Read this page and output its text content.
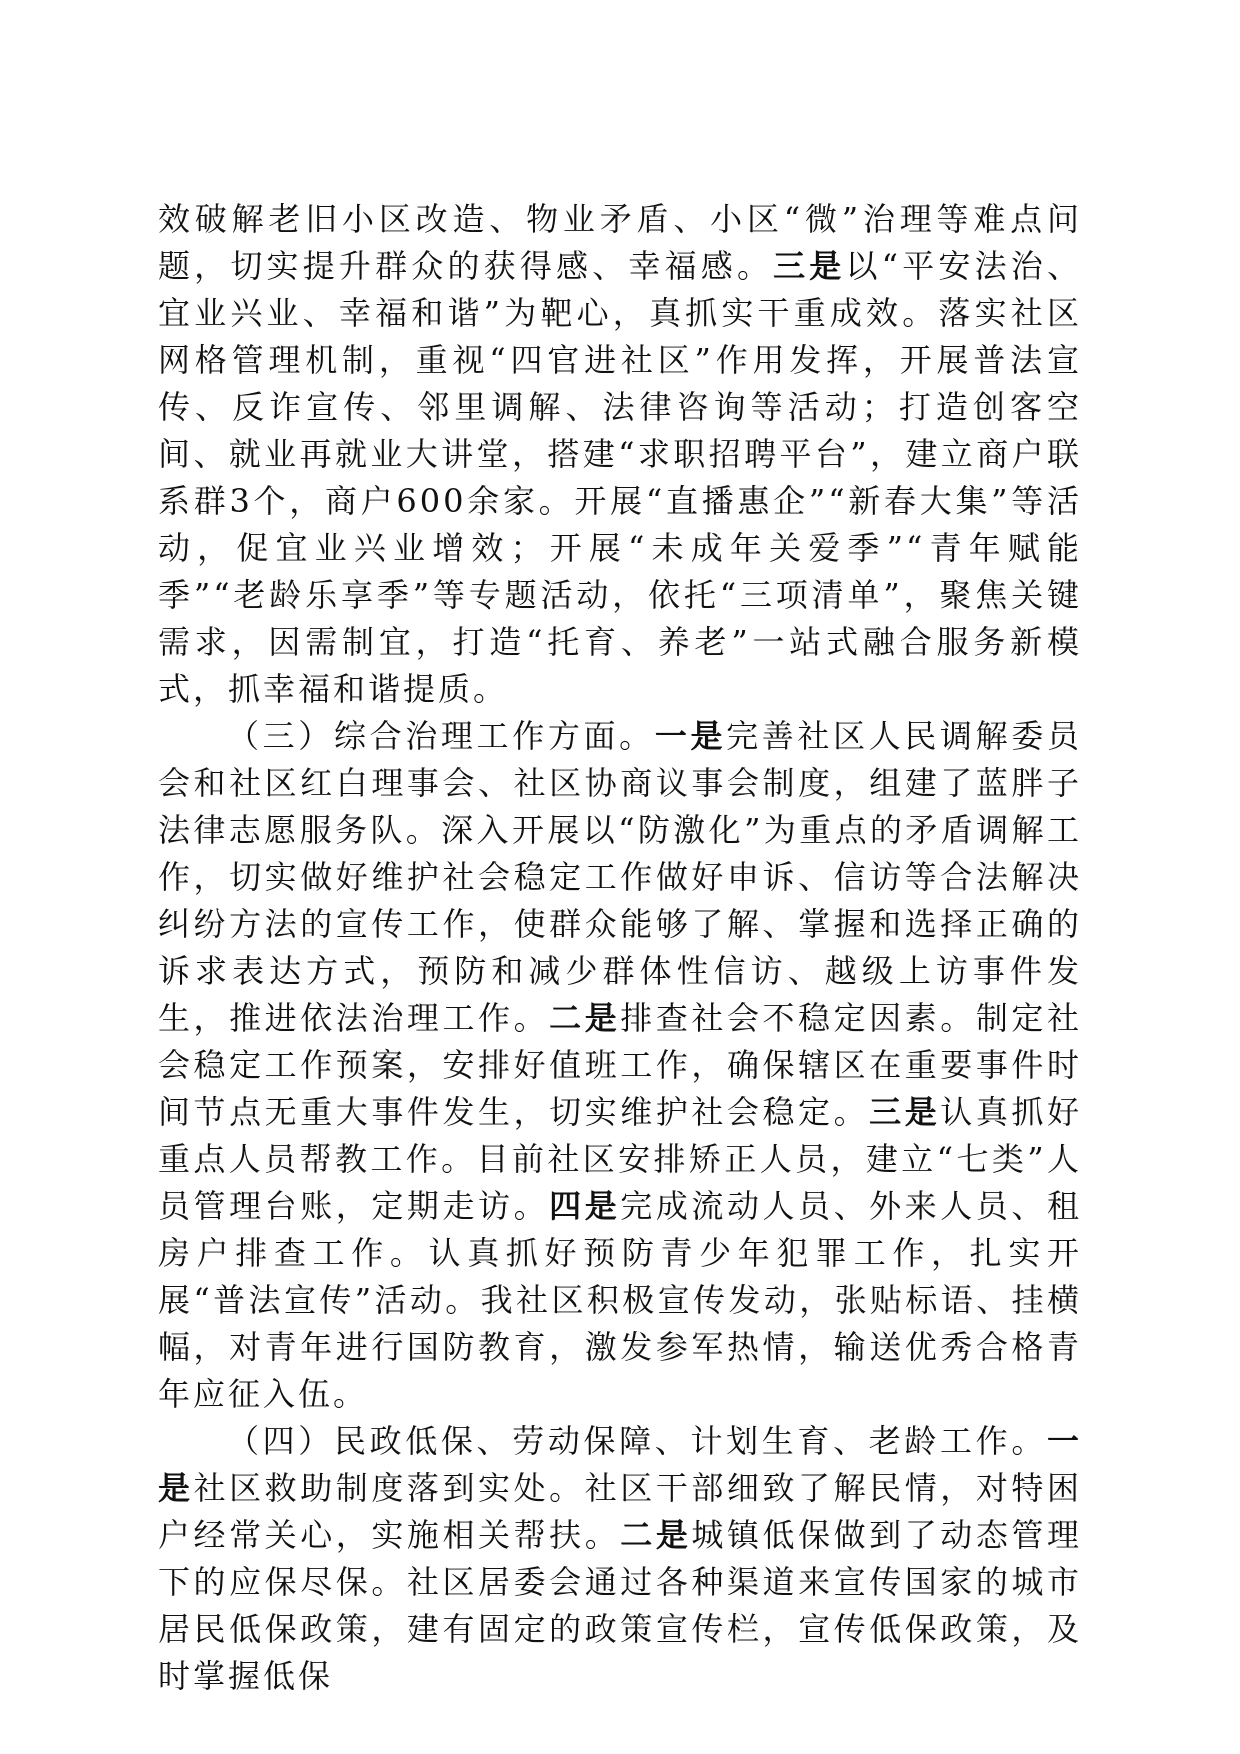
效破解老旧小区改造、物业矛盾、小区“微”治理等难点问题，切实提升群众的获得感、幸福感。三是以“平安法治、宜业兴业、幸福和谐”为靶心，真抓实干重成效。落实社区网格管理机制，重视“四官进社区”作用发挥，开展普法宣传、反诈宣传、邻里调解、法律咨询等活动；打造创客空间、就业再就业大讲堂，搭建“求职招聘平台”，建立商户联系群3个，商户600余家。开展“直播惠企”“新春大集”等活动，促宜业兴业增效；开展“未成年关爱季”“青年赋能季”“老龄乐享季”等专题活动，依托“三项清单”，聚焦关键需求，因需制宜，打造“托育、养老”一站式融合服务新模式，抓幸福和谐提质。

（三）综合治理工作方面。一是完善社区人民调解委员会和社区红白理事会、社区协商议事会制度，组建了蓝胖子法律志愿服务队。深入开展以“防激化”为重点的矛盾调解工作，切实做好维护社会稳定工作做好申诉、信访等合法解决纠纷方法的宣传工作，使群众能够了解、掌握和选择正确的诉求表达方式，预防和减少群体性信访、越级上访事件发生，推进依法治理工作。二是排查社会不稳定因素。制定社会稳定工作预案，安排好值班工作，确保辖区在重要事件时间节点无重大事件发生，切实维护社会稳定。三是认真抓好重点人员帮教工作。目前社区安排矫正人员，建立“七类”人员管理台账，定期走访。四是完成流动人员、外来人员、租房户排查工作。认真抓好预防青少年犯罪工作，扎实开展“普法宣传”活动。我社区积极宣传发动，张贴标语、挂横幅，对青年进行国防教育，激发参军热情，输送优秀合格青年应征入伍。

（四）民政低保、劳动保障、计划生育、老龄工作。一是社区救助制度落到实处。社区干部细致了解民情，对特困户经常关心，实施相关帮扶。二是城镇低保做到了动态管理下的应保尽保。社区居委会通过各种渠道来宣传国家的城市居民低保政策，建有固定的政策宣传栏，宣传低保政策，及时掌握低保
